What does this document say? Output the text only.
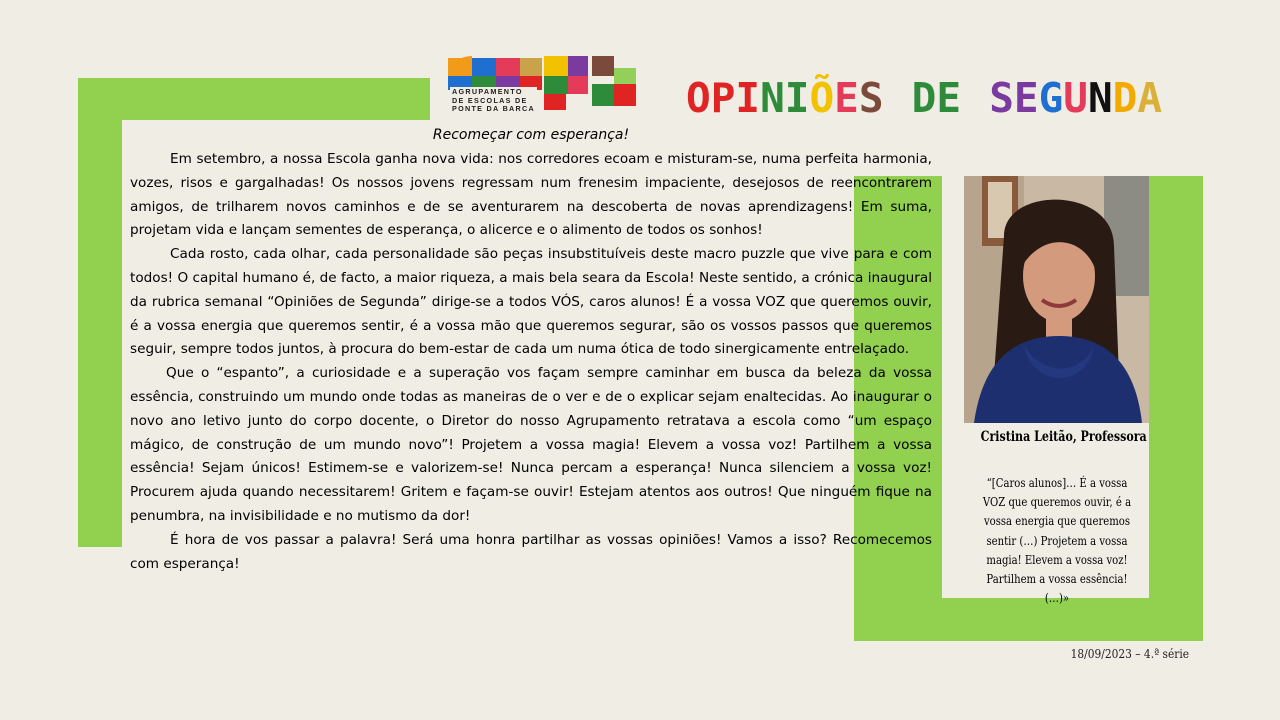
AGRUPAMENTO
DE ESCOLAS DE
PONTE DA BARCA	O P I N I Õ E S D E S E G U N D A
Recomeçar com esperança!

Em setembro, a nossa Escola ganha nova vida: nos corredores ecoam e misturam-se, numa perfeita harmonia, vozes, risos e gargalhadas! Os nossos jovens regressam num frenesim impaciente, desejosos de reencontrarem amigos, de trilharem novos caminhos e de se aventurarem na descoberta de novas aprendizagens! Em suma, projetam vida e lançam sementes de esperança, o alicerce e o alimento de todos os sonhos!

Cada rosto, cada olhar, cada personalidade são peças insubstituíveis deste macro puzzle que vive para e com todos! O capital humano é, de facto, a maior riqueza, a mais bela seara da Escola! Neste sentido, a crónica inaugural da rubrica semanal “Opiniões de Segunda” dirige-se a todos VÓS, caros alunos! É a vossa VOZ que queremos ouvir, é a vossa energia que queremos sentir, é a vossa mão que queremos segurar, são os vossos passos que queremos seguir, sempre todos juntos, à procura do bem-estar de cada um numa ótica de todo sinergicamente entrelaçado.

Que o “espanto”, a curiosidade e a superação vos façam sempre caminhar em busca da beleza da vossa essência, construindo um mundo onde todas as maneiras de o ver e de o explicar sejam enaltecidas. Ao inaugurar o novo ano letivo junto do corpo docente, o Diretor do nosso Agrupamento retratava a escola como “um espaço mágico, de construção de um mundo novo”! Projetem a vossa magia! Elevem a vossa voz! Partilhem a vossa essência! Sejam únicos! Estimem-se e valorizem-se! Nunca percam a esperança! Nunca silenciem a vossa voz! Procurem ajuda quando necessitarem! Gritem e façam-se ouvir! Estejam atentos aos outros! Que ninguém fique na penumbra, na invisibilidade e no mutismo da dor!

É hora de vos passar a palavra! Será uma honra partilhar as vossas opiniões! Vamos a isso? Recomecemos com esperança!

Cristina Leitão, Professora
“[Caros alunos]… É a vossa VOZ que queremos ouvir, é a vossa energia que queremos sentir (…) Projetem a vossa magia! Elevem a vossa voz! Partilhem a vossa essência! (…)»
18/09/2023 – 4.ª série
